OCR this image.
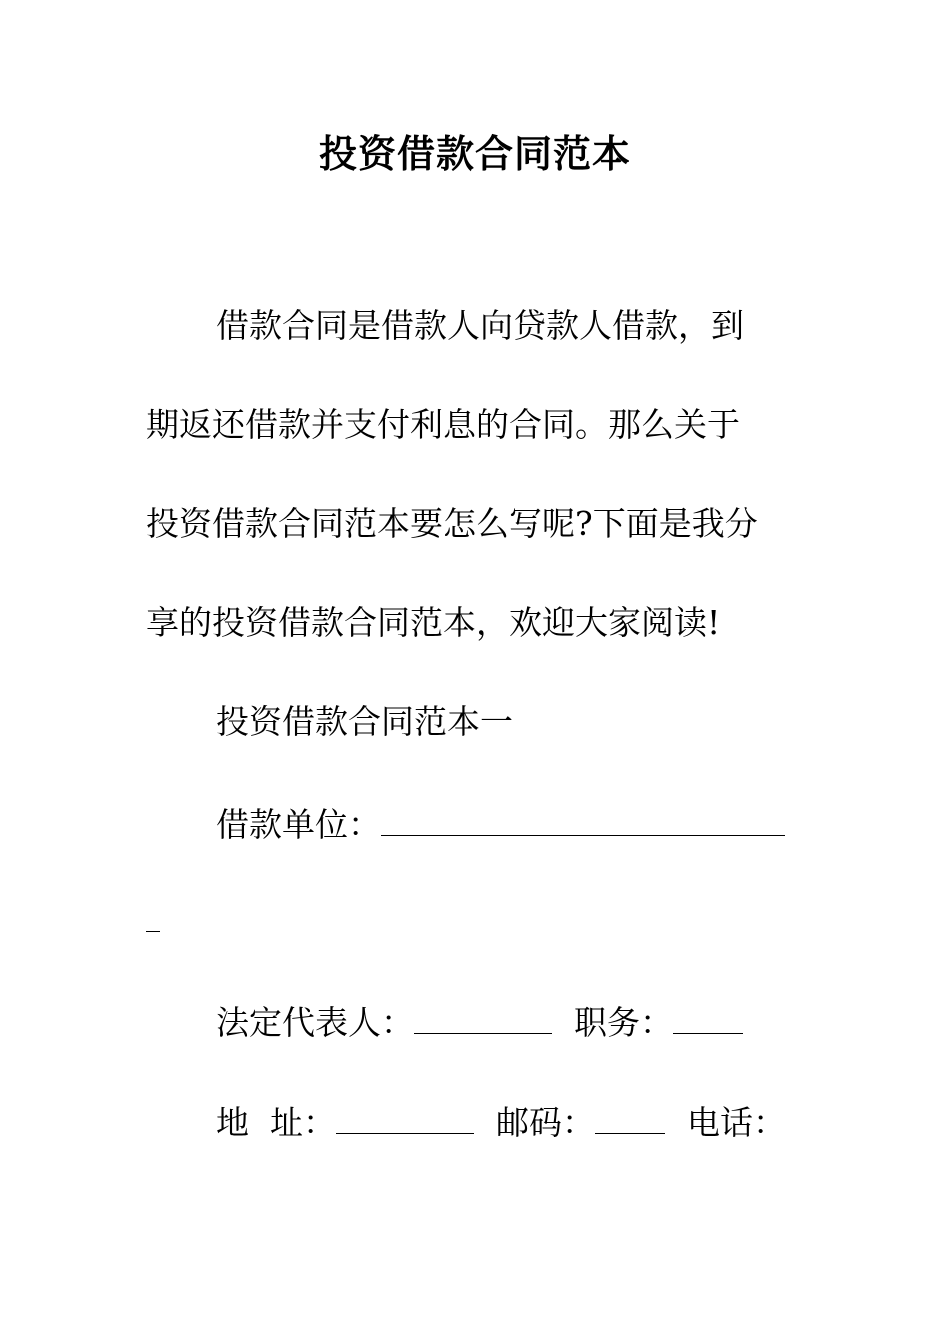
投资借款合同范本
借款合同是借款人向贷款人借款，到
期返还借款并支付利息的合同。那么关于
投资借款合同范本要怎么写呢?下面是我分
享的投资借款合同范本，欢迎大家阅读!
投资借款合同范本一
借款单位：
法定代表人：	职务：
地  址：	邮码：	电话：
